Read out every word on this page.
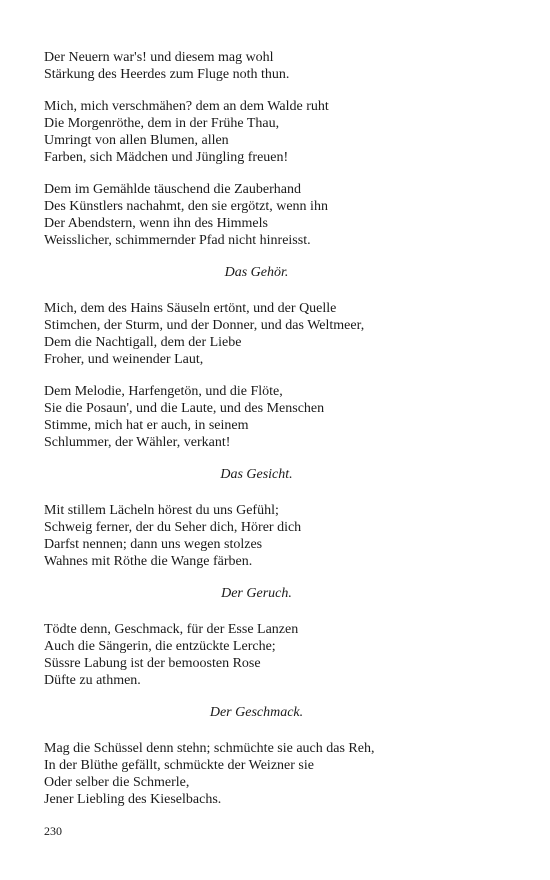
Der Neuern war's! und diesem mag wohl
Stärkung des Heerdes zum Fluge noth thun.
Mich, mich verschmähen? dem an dem Walde ruht
Die Morgenröthe, dem in der Frühe Thau,
Umringt von allen Blumen, allen
Farben, sich Mädchen und Jüngling freuen!
Dem im Gemählde täuschend die Zauberhand
Des Künstlers nachahmt, den sie ergötzt, wenn ihn
Der Abendstern, wenn ihn des Himmels
Weisslicher, schimmernder Pfad nicht hinreisst.
Das Gehör.
Mich, dem des Hains Säuseln ertönt, und der Quelle
Stimchen, der Sturm, und der Donner, und das Weltmeer,
Dem die Nachtigall, dem der Liebe
Froher, und weinender Laut,
Dem Melodie, Harfengetön, und die Flöte,
Sie die Posaun', und die Laute, und des Menschen
Stimme, mich hat er auch, in seinem
Schlummer, der Wähler, verkant!
Das Gesicht.
Mit stillem Lächeln hörest du uns Gefühl;
Schweig ferner, der du Seher dich, Hörer dich
Darfst nennen; dann uns wegen stolzes
Wahnes mit Röthe die Wange färben.
Der Geruch.
Tödte denn, Geschmack, für der Esse Lanzen
Auch die Sängerin, die entzückte Lerche;
Süssre Labung ist der bemoosten Rose
Düfte zu athmen.
Der Geschmack.
Mag die Schüssel denn stehn; schmüchte sie auch das Reh,
In der Blüthe gefällt, schmückte der Weizner sie
Oder selber die Schmerle,
Jener Liebling des Kieselbachs.
230
